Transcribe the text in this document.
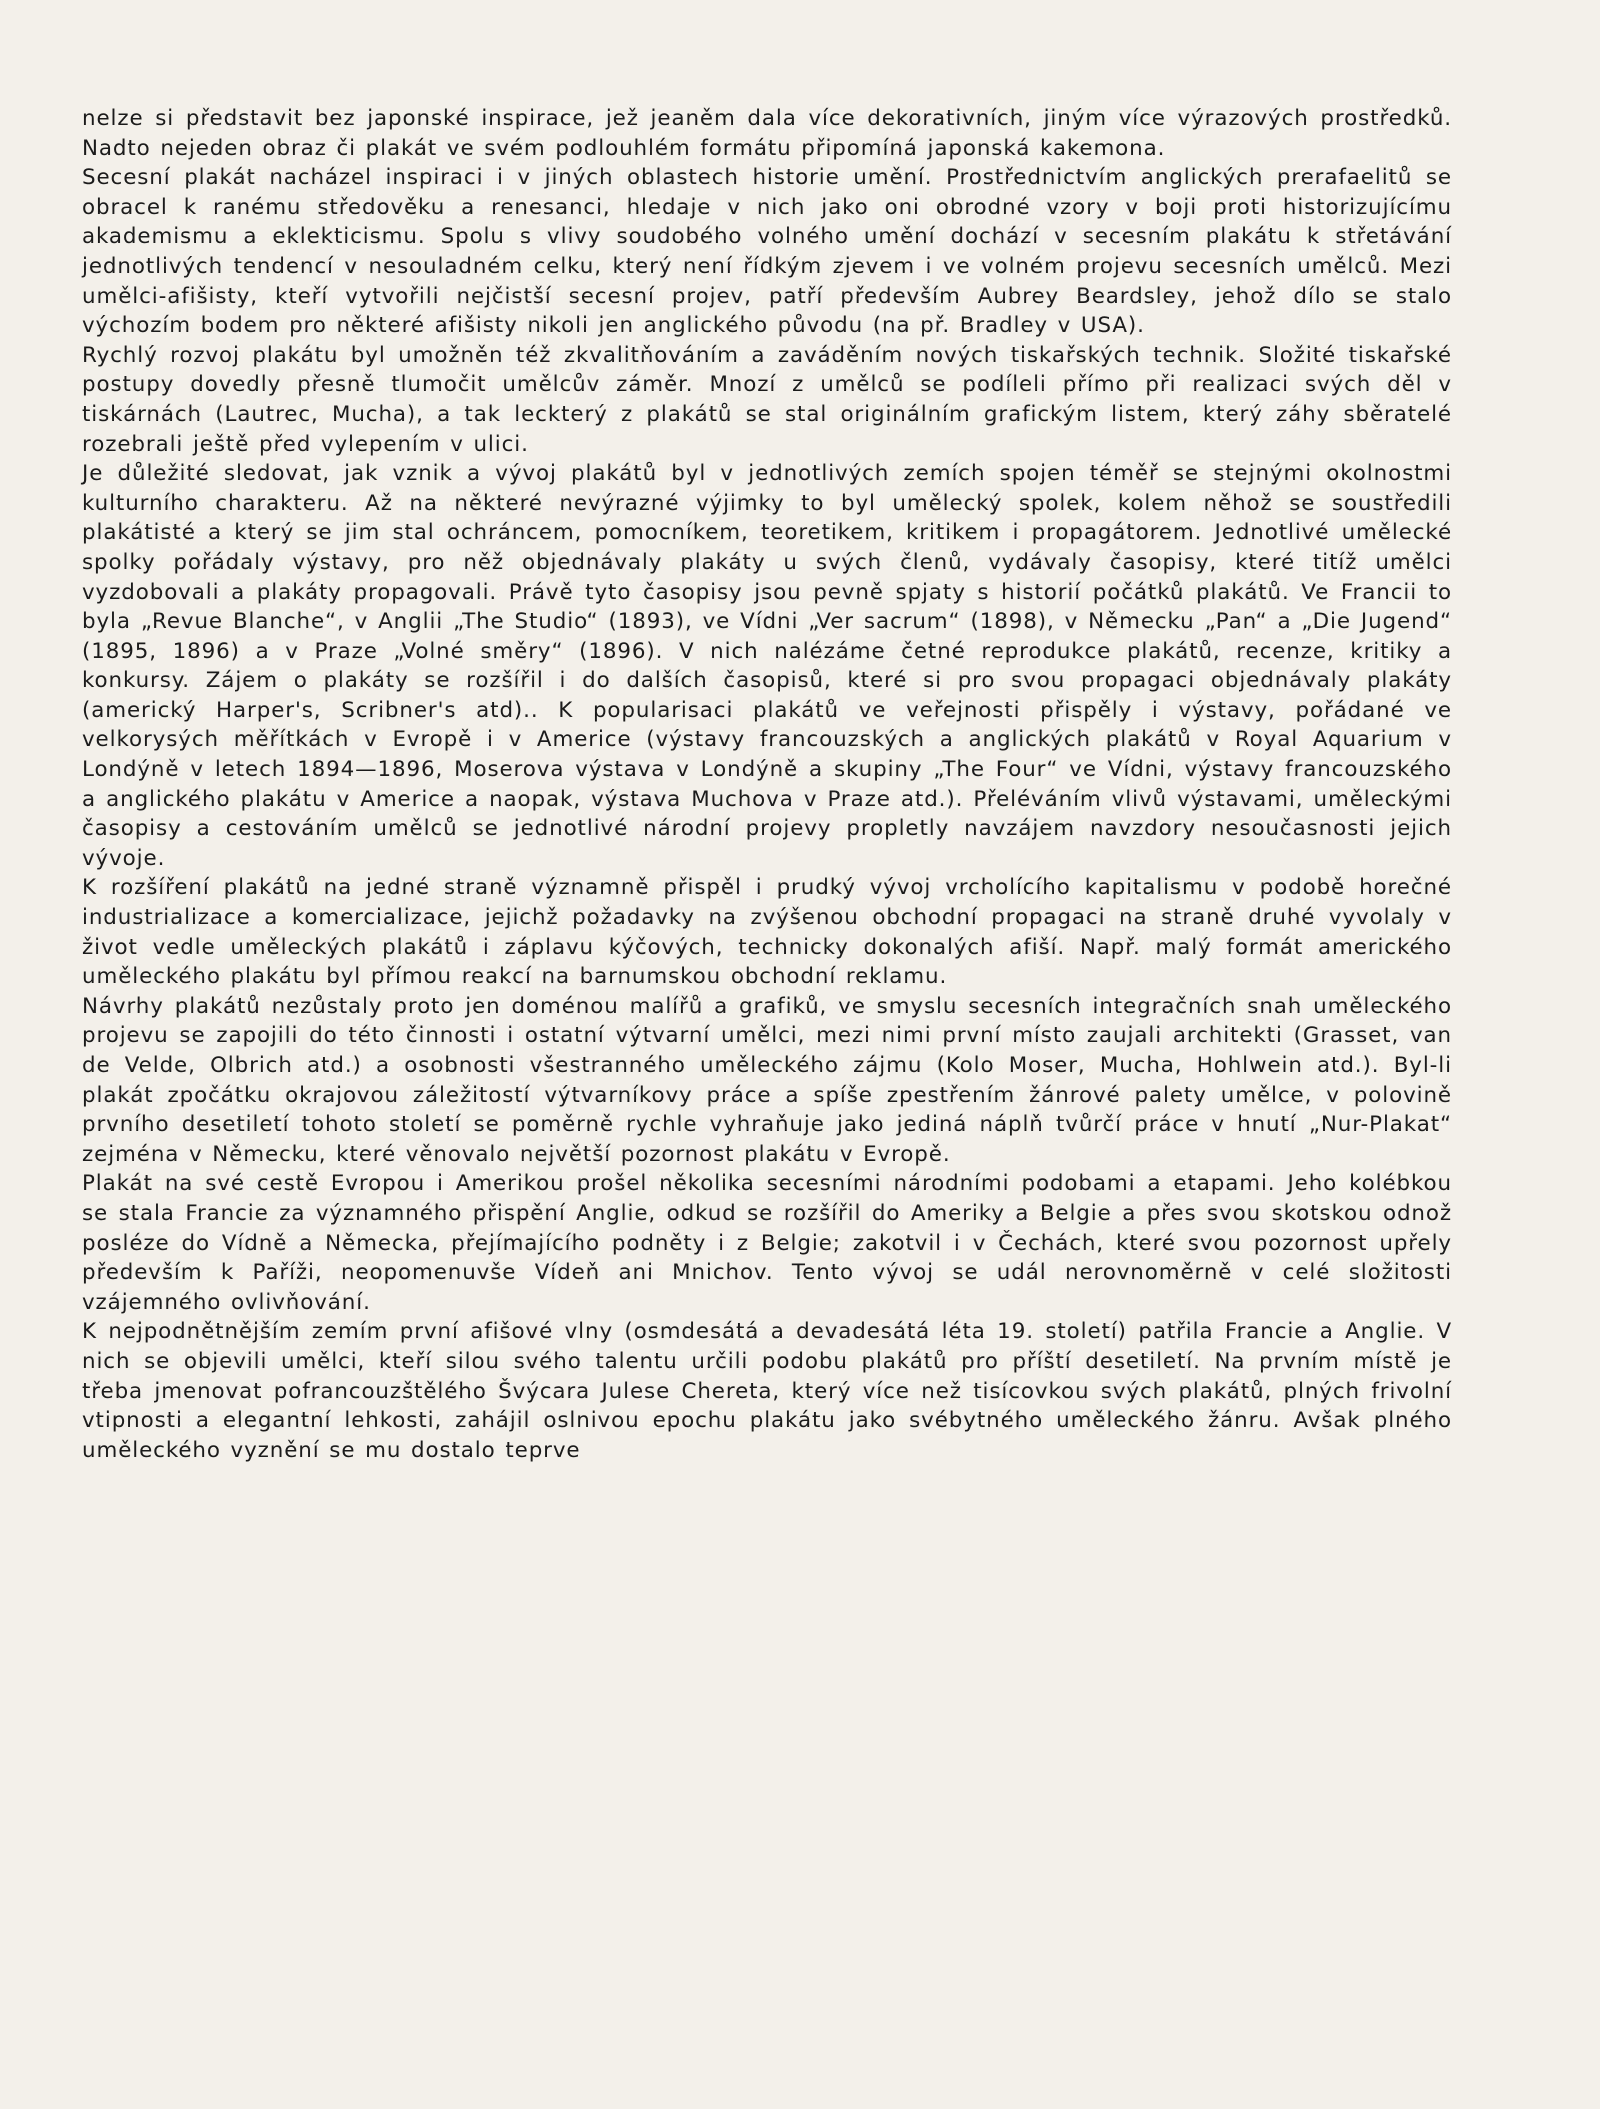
nelze si představit bez japonské inspirace, jež jeaněm dala více dekorativních, jiným více výrazových prostředků. Nadto nejeden obraz či plakát ve svém podlouhlém formátu připomíná japonská kakemona.

Secesní plakát nacházel inspiraci i v jiných oblastech historie umění. Prostřednictvím anglických prerafaelitů se obracel k ranému středověku a renesanci, hledaje v nich jako oni obrodné vzory v boji proti historizujícímu akademismu a eklekticismu. Spolu s vlivy soudobého volného umění dochází v secesním plakátu k střetávání jednotlivých tendencí v nesouladném celku, který není řídkým zjevem i ve volném projevu secesních umělců. Mezi umělci-afišisty, kteří vytvořili nejčistší secesní projev, patří především Aubrey Beardsley, jehož dílo se stalo výchozím bodem pro některé afišisty nikoli jen anglického původu (na př. Bradley v USA).

Rychlý rozvoj plakátu byl umožněn též zkvalitňováním a zaváděním nových tiskařských technik. Složité tiskařské postupy dovedly přesně tlumočit umělcův záměr. Mnozí z umělců se podíleli přímo při realizaci svých děl v tiskárnách (Lautrec, Mucha), a tak leckterý z plakátů se stal originálním grafickým listem, který záhy sběratelé rozebrali ještě před vylepením v ulici.

Je důležité sledovat, jak vznik a vývoj plakátů byl v jednotlivých zemích spojen téměř se stejnými okolnostmi kulturního charakteru. Až na některé nevýrazné výjimky to byl umělecký spolek, kolem něhož se soustředili plakátisté a který se jim stal ochráncem, pomocníkem, teoretikem, kritikem i propagátorem. Jednotlivé umělecké spolky pořádaly výstavy, pro něž objednávaly plakáty u svých členů, vydávaly časopisy, které titíž umělci vyzdobovali a plakáty propagovali. Právě tyto časopisy jsou pevně spjaty s historií počátků plakátů. Ve Francii to byla „Revue Blanche“, v Anglii „The Studio“ (1893), ve Vídni „Ver sacrum“ (1898), v Německu „Pan“ a „Die Jugend“ (1895, 1896) a v Praze „Volné směry“ (1896). V nich nalézáme četné reprodukce plakátů, recenze, kritiky a konkursy. Zájem o plakáty se rozšířil i do dalších časopisů, které si pro svou propagaci objednávaly plakáty (americký Harper's, Scribner's atd).. K popularisaci plakátů ve veřejnosti přispěly i výstavy, pořádané ve velkorysých měřítkách v Evropě i v Americe (výstavy francouzských a anglických plakátů v Royal Aquarium v Londýně v letech 1894—1896, Moserova výstava v Londýně a skupiny „The Four“ ve Vídni, výstavy francouzského a anglického plakátu v Americe a naopak, výstava Muchova v Praze atd.). Přeléváním vlivů výstavami, uměleckými časopisy a cestováním umělců se jednotlivé národní projevy propletly navzájem navzdory nesoučasnosti jejich vývoje.

K rozšíření plakátů na jedné straně významně přispěl i prudký vývoj vrcholícího kapitalismu v podobě horečné industrializace a komercializace, jejichž požadavky na zvýšenou obchodní propagaci na straně druhé vyvolaly v život vedle uměleckých plakátů i záplavu kýčových, technicky dokonalých afiší. Např. malý formát amerického uměleckého plakátu byl přímou reakcí na barnumskou obchodní reklamu.

Návrhy plakátů nezůstaly proto jen doménou malířů a grafiků, ve smyslu secesních integračních snah uměleckého projevu se zapojili do této činnosti i ostatní výtvarní umělci, mezi nimi první místo zaujali architekti (Grasset, van de Velde, Olbrich atd.) a osobnosti všestranného uměleckého zájmu (Kolo Moser, Mucha, Hohlwein atd.). Byl-li plakát zpočátku okrajovou záležitostí výtvarníkovy práce a spíše zpestřením žánrové palety umělce, v polovině prvního desetiletí tohoto století se poměrně rychle vyhraňuje jako jediná náplň tvůrčí práce v hnutí „Nur-Plakat“ zejména v Německu, které věnovalo největší pozornost plakátu v Evropě.

Plakát na své cestě Evropou i Amerikou prošel několika secesními národními podobami a etapami. Jeho kolébkou se stala Francie za významného přispění Anglie, odkud se rozšířil do Ameriky a Belgie a přes svou skotskou odnož posléze do Vídně a Německa, přejímajícího podněty i z Belgie; zakotvil i v Čechách, které svou pozornost upřely především k Paříži, neopomenuvše Vídeň ani Mnichov. Tento vývoj se udál nerovnoměrně v celé složitosti vzájemného ovlivňování.

K nejpodnětnějším zemím první afišové vlny (osmdesátá a devadesátá léta 19. století) patřila Francie a Anglie. V nich se objevili umělci, kteří silou svého talentu určili podobu plakátů pro příští desetiletí. Na prvním místě je třeba jmenovat pofrancouzštělého Švýcara Julese Chereta, který více než tisícovkou svých plakátů, plných frivolní vtipnosti a elegantní lehkosti, zahájil oslnivou epochu plakátu jako svébytného uměleckého žánru. Avšak plného uměleckého vyznění se mu dostalo teprve
